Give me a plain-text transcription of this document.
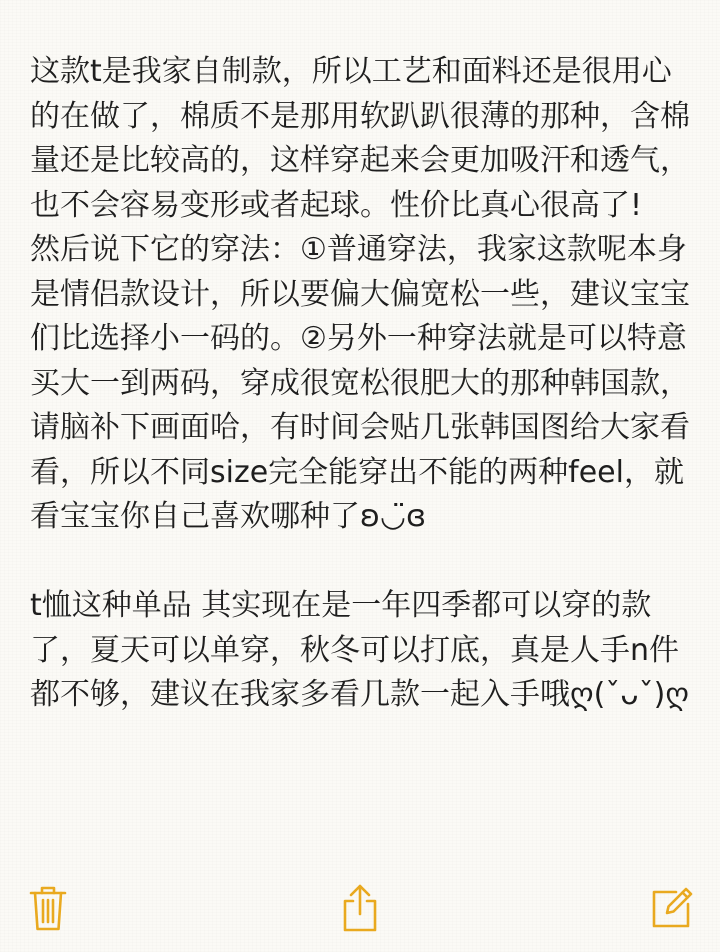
这款t是我家自制款，所以工艺和面料还是很用心的在做了，棉质不是那用软趴趴很薄的那种，含棉量还是比较高的，这样穿起来会更加吸汗和透气，也不会容易变形或者起球。性价比真心很高了!
然后说下它的穿法：①普通穿法，我家这款呢本身是情侣款设计，所以要偏大偏宽松一些，建议宝宝们比选择小一码的。②另外一种穿法就是可以特意买大一到两码，穿成很宽松很肥大的那种韩国款，请脑补下画面哈，有时间会贴几张韩国图给大家看看，所以不同size完全能穿出不能的两种feel，就看宝宝你自己喜欢哪种了ʚ◡̈ɞ

t恤这种单品 其实现在是一年四季都可以穿的款了，夏天可以单穿，秋冬可以打底，真是人手n件都不够，建议在我家多看几款一起入手哦ღ(ˇᴗˇ)ღ
